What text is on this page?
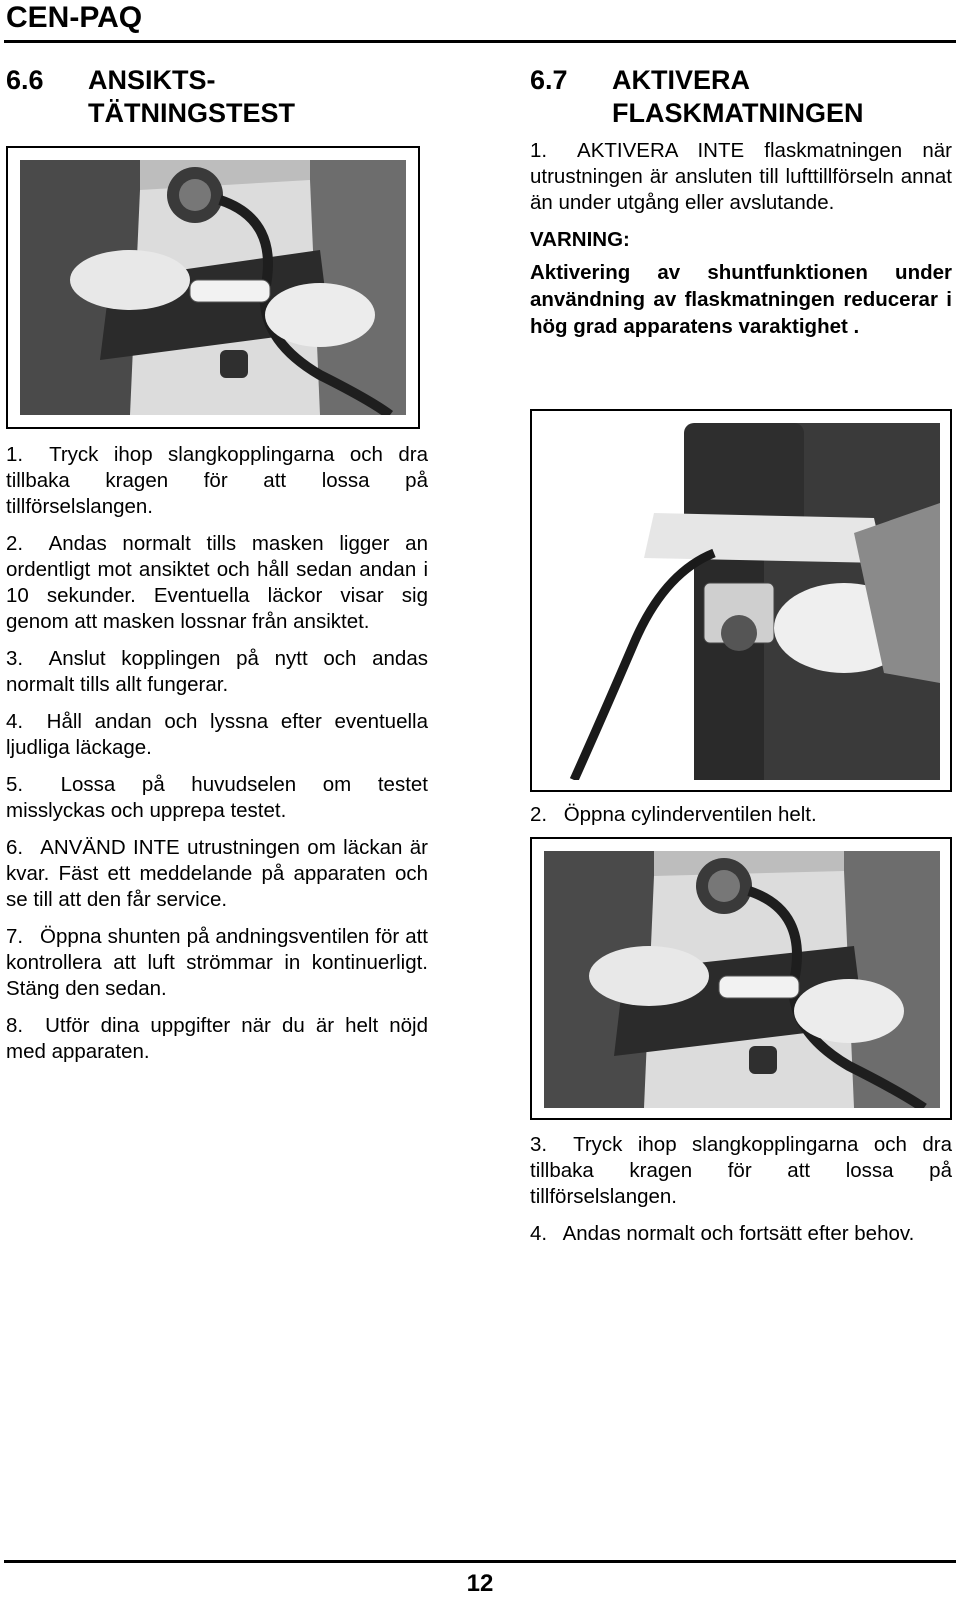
CEN-PAQ
6.6 ANSIKTS-
TÄTNINGSTEST

1. Tryck ihop slangkopplingarna och dra tillbaka kragen för att lossa på tillförselslangen.

2. Andas normalt tills masken ligger an ordentligt mot ansiktet och håll sedan andan i 10 sekunder. Eventuella läckor visar sig genom att masken lossnar från ansiktet.

3. Anslut kopplingen på nytt och andas normalt tills allt fungerar.

4. Håll andan och lyssna efter eventuella ljudliga läckage.

5. Lossa på huvudselen om testet misslyckas och upprepa testet.

6. ANVÄND INTE utrustningen om läckan är kvar. Fäst ett meddelande på apparaten och se till att den får service.

7. Öppna shunten på andningsventilen för att kontrollera att luft strömmar in kontinuerligt. Stäng den sedan.

8. Utför dina uppgifter när du är helt nöjd med apparaten.

6.7 AKTIVERA
FLASKMATNINGEN

1. AKTIVERA INTE flaskmatningen när utrustningen är ansluten till lufttillförseln annat än under utgång eller avslutande.

VARNING:

Aktivering av shuntfunktionen under användning av flaskmatningen reducerar i hög grad apparatens varaktighet .

2. Öppna cylinderventilen helt.

3. Tryck ihop slangkopplingarna och dra tillbaka kragen för att lossa på tillförselslangen.

4. Andas normalt och fortsätt efter behov.

12
